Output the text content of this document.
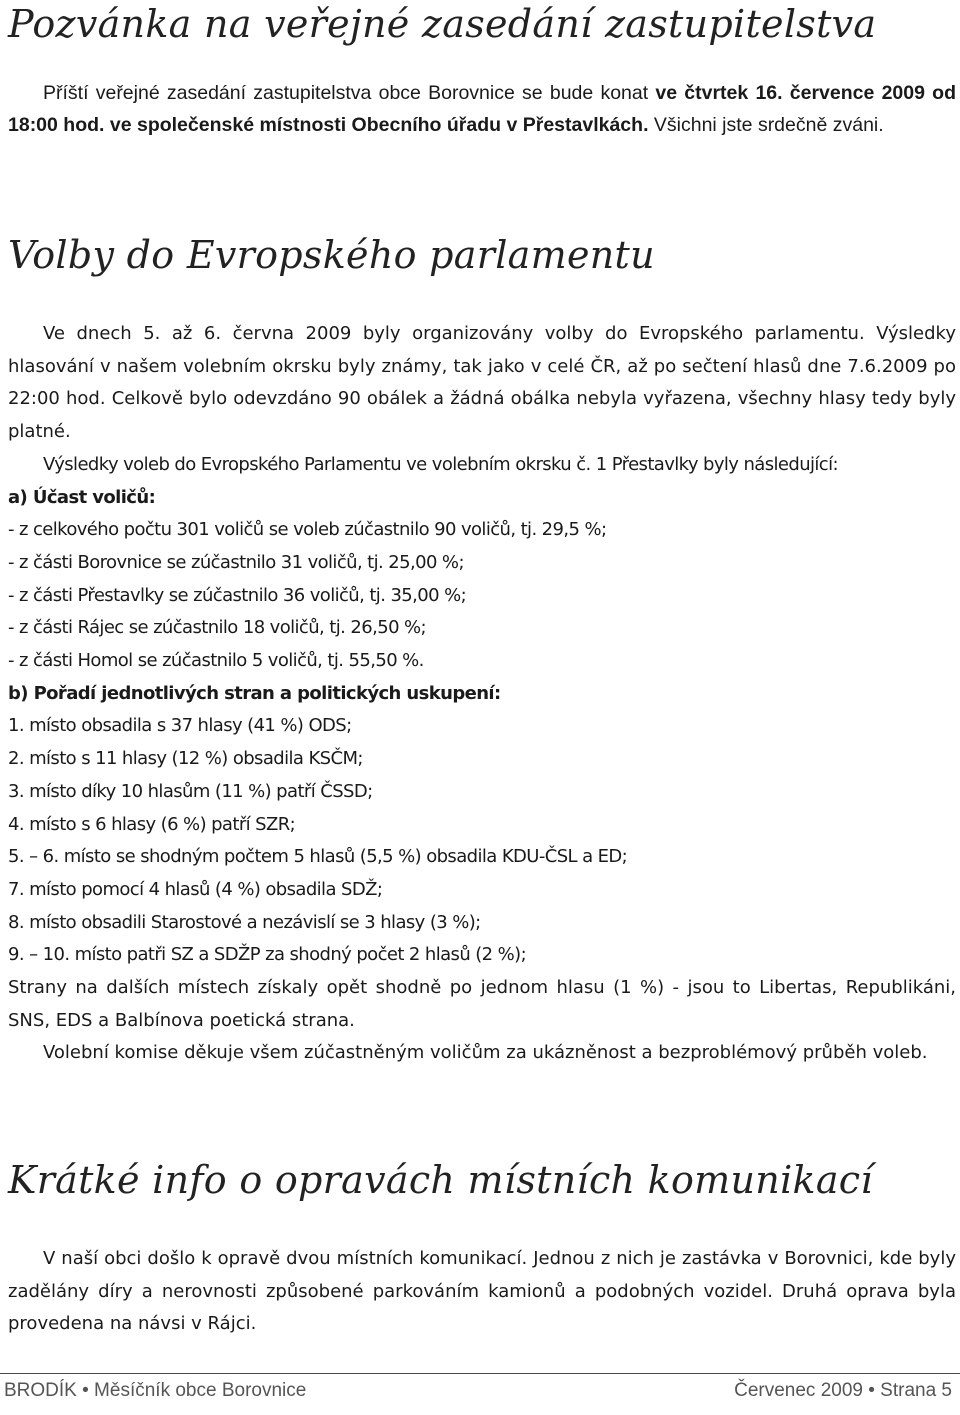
Pozvánka na veřejné zasedání zastupitelstva

Příští veřejné zasedání zastupitelstva obce Borovnice se bude konat ve čtvrtek 16. července 2009 od 18:00 hod. ve společenské místnosti Obecního úřadu v Přestavlkách. Všichni jste srdečně zváni.

Volby do Evropského parlamentu

Ve dnech 5. až 6. června 2009 byly organizovány volby do Evropského parlamentu. Výsledky hlasování v našem volebním okrsku byly známy, tak jako v celé ČR, až po sečtení hlasů dne 7.6.2009 po 22:00 hod. Celkově bylo odevzdáno 90 obálek a žádná obálka nebyla vyřazena, všechny hlasy tedy byly platné.

Výsledky voleb do Evropského Parlamentu ve volebním okrsku č. 1 Přestavlky byly následující:

a) Účast voličů:

- z celkového počtu 301 voličů se voleb zúčastnilo 90 voličů, tj. 29,5 %;

- z části Borovnice se zúčastnilo 31 voličů, tj. 25,00 %;

- z části Přestavlky se zúčastnilo 36 voličů, tj. 35,00 %;

- z části Rájec se zúčastnilo 18 voličů, tj. 26,50 %;

- z části Homol se zúčastnilo 5 voličů, tj. 55,50 %.

b) Pořadí jednotlivých stran a politických uskupení:

1. místo obsadila s 37 hlasy (41 %) ODS;

2. místo s 11 hlasy (12 %) obsadila KSČM;

3. místo díky 10 hlasům (11 %) patří ČSSD;

4. místo s 6 hlasy (6 %) patří SZR;

5. – 6. místo se shodným počtem 5 hlasů (5,5 %) obsadila KDU-ČSL a ED;

7. místo pomocí 4 hlasů (4 %) obsadila SDŽ;

8. místo obsadili Starostové a nezávislí se 3 hlasy (3 %);

9. – 10. místo patři SZ a SDŽP za shodný počet 2 hlasů (2 %);

Strany na dalších místech získaly opět shodně po jednom hlasu (1 %) - jsou to Libertas, Republikáni, SNS, EDS a Balbínova poetická strana.

Volební komise děkuje všem zúčastněným voličům za ukázněnost a bezproblémový průběh voleb.

Krátké info o opravách místních komunikací

V naší obci došlo k opravě dvou místních komunikací. Jednou z nich je zastávka v Borovnici, kde byly zadělány díry a nerovnosti způsobené parkováním kamionů a podobných vozidel. Druhá oprava byla provedena na návsi v Rájci.

BRODÍK • Měsíčník obce Borovnice	Červenec 2009 • Strana 5
